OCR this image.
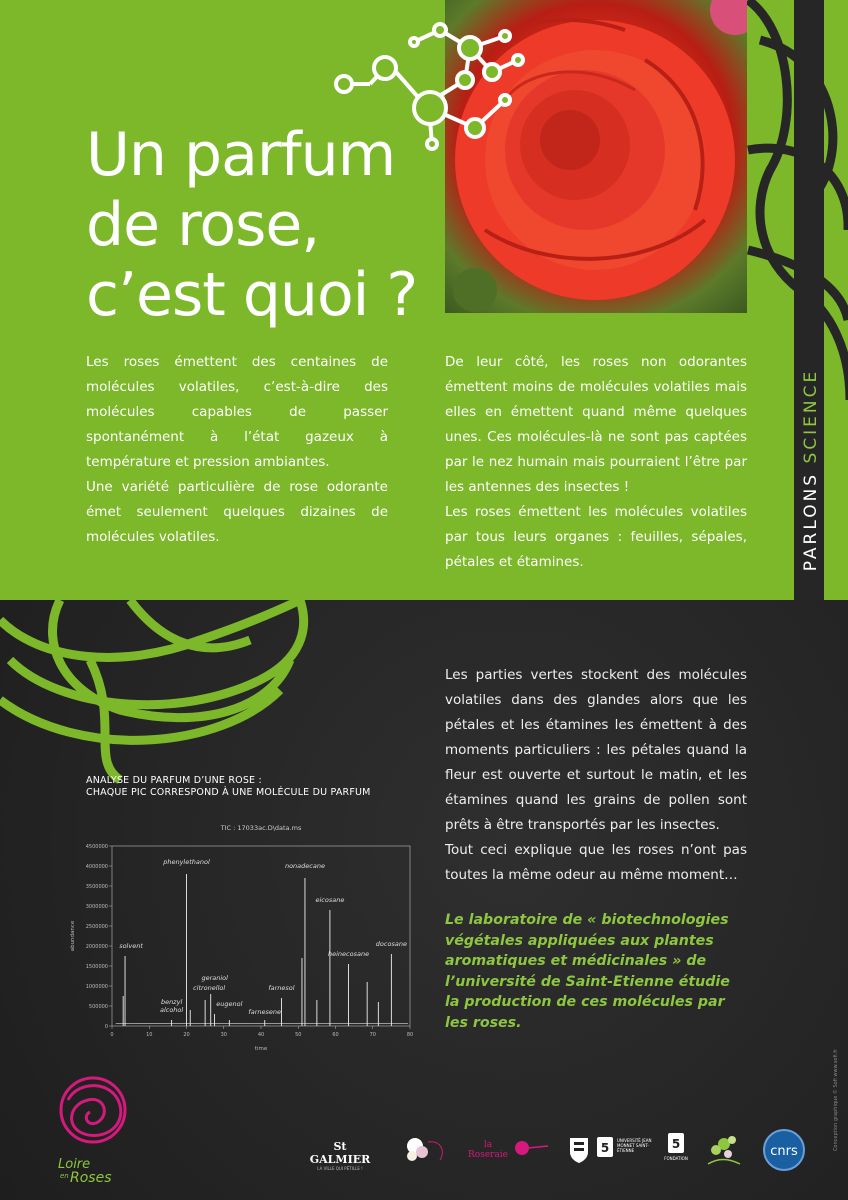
PARLONS SCIENCE
Un parfum
de rose,
c’est quoi ?

Les roses émettent des centaines de molécules volatiles, c’est-à-dire des molécules capables de passer spontanément à l’état gazeux à température et pression ambiantes.

Une variété particulière de rose odorante émet seulement quelques dizaines de molécules volatiles.

De leur côté, les roses non odorantes émettent moins de molécules volatiles mais elles en émettent quand même quelques unes. Ces molécules-là ne sont pas captées par le nez humain mais pourraient l’être par les antennes des insectes !

Les roses émettent les molécules volatiles par tous leurs organes : feuilles, sépales, pétales et étamines.

Les parties vertes stockent des molécules volatiles dans des glandes alors que les pétales et les étamines les émettent à des moments particuliers : les pétales quand la fleur est ouverte et surtout le matin, et les étamines quand les grains de pollen sont prêts à être transportés par les insectes.

Tout ceci explique que les roses n’ont pas toutes la même odeur au même moment…

Le laboratoire de « biotechnologies végétales appliquées aux plantes aromatiques et médicinales » de l’université de Saint-Etienne étudie la production de ces molécules par les roses.

ANALYSE DU PARFUM D’UNE ROSE :
CHAQUE PIC CORRESPOND À UNE MOLÉCULE DU PARFUM
TIC : 17033ac.D\data.ms
0
500000
1000000
1500000
2000000
2500000
3000000
3500000
4000000
4500000
0	10	20	30	40	50	60	70	80
time
abundance	solvent
benzyl
alcohol
phenylethanol
citronellol
geraniol
eugenol
farnesene
farnesol
nonadecane
eicosane
heinecosane
docosane
Conception graphique © Sofi www.sofi.fr
Loire
en Roses
St GALMIER
LA VILLE QUI PÉTILLE !
la Roseraie	5
UNIVERSITÉ JEAN MONNET SAINT-ÉTIENNE	5
FONDATION	cnrs
